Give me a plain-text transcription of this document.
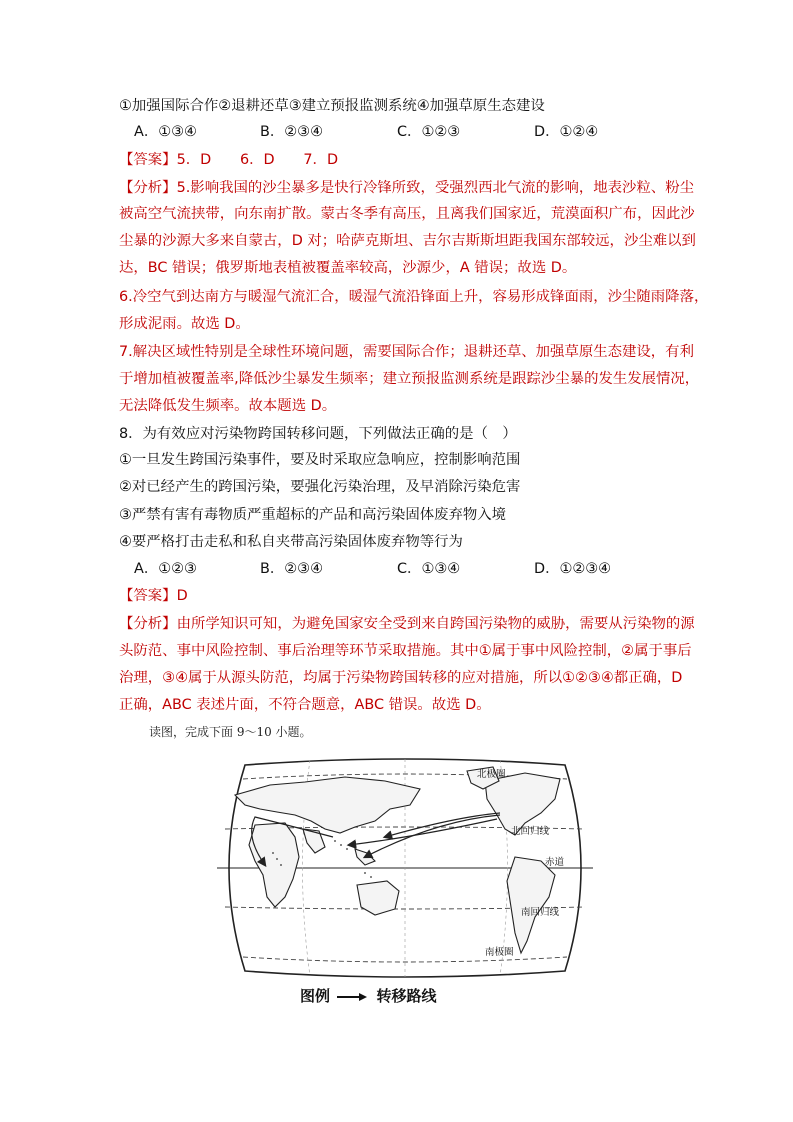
①加强国际合作②退耕还草③建立预报监测系统④加强草原生态建设
A．①③④	B．②③④	C．①②③	D．①②④
【答案】5．D　　6．D　　7．D
【分析】5.影响我国的沙尘暴多是快行冷锋所致，受强烈西北气流的影响，地表沙粒、粉尘
被高空气流挟带，向东南扩散。蒙古冬季有高压，且离我们国家近，荒漠面积广布，因此沙
尘暴的沙源大多来自蒙古，D 对；哈萨克斯坦、吉尔吉斯斯坦距我国东部较远，沙尘难以到
达，BC 错误；俄罗斯地表植被覆盖率较高，沙源少，A 错误；故选 D。
6.冷空气到达南方与暖湿气流汇合，暖湿气流沿锋面上升，容易形成锋面雨，沙尘随雨降落，
形成泥雨。故选 D。
7.解决区域性特别是全球性环境问题，需要国际合作；退耕还草、加强草原生态建设，有利
于增加植被覆盖率,降低沙尘暴发生频率；建立预报监测系统是跟踪沙尘暴的发生发展情况，
无法降低发生频率。故本题选 D。
8．为有效应对污染物跨国转移问题，下列做法正确的是（　）
①一旦发生跨国污染事件，要及时采取应急响应，控制影响范围
②对已经产生的跨国污染，要强化污染治理，及早消除污染危害
③严禁有害有毒物质严重超标的产品和高污染固体废弃物入境
④要严格打击走私和私自夹带高污染固体废弃物等行为
A．①②③	B．②③④	C．①③④	D．①②③④
【答案】D
【分析】由所学知识可知，为避免国家安全受到来自跨国污染物的威胁，需要从污染物的源
头防范、事中风险控制、事后治理等环节采取措施。其中①属于事中风险控制，②属于事后
治理，③④属于从源头防范，均属于污染物跨国转移的应对措施，所以①②③④都正确，D
正确，ABC 表述片面，不符合题意，ABC 错误。故选 D。
读图，完成下面 9～10 小题。
北极圈
北回归线
赤道
南回归线
南极圈
图例	转移路线
